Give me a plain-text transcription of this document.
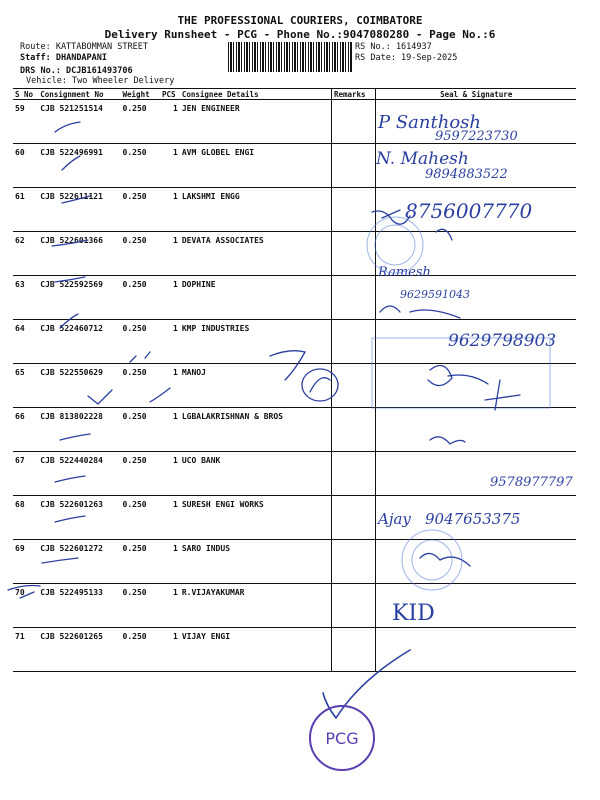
THE PROFESSIONAL COURIERS, COIMBATORE
Delivery Runsheet - PCG - Phone No.:9047080280 - Page No.:6
Route: KATTABOMMAN STREET
Staff: DHANDAPANI
DRS No.: DCJB161493706
Vehicle: Two Wheeler Delivery
RS No.: 1614937
RS Date: 19-Sep-2025
S No	Consignment No	Weight	PCS	Consignee Details	Remarks	Seal & Signature
59	CJB 521251514	0.250	1	JEN ENGINEER		
60	CJB 522496991	0.250	1	AVM GLOBEL ENGI		
61	CJB 522611121	0.250	1	LAKSHMI ENGG		
62	CJB 522601366	0.250	1	DEVATA ASSOCIATES		
63	CJB 522592569	0.250	1	DOPHINE		
64	CJB 522460712	0.250	1	KMP INDUSTRIES		
65	CJB 522550629	0.250	1	MANOJ		
66	CJB 813802228	0.250	1	LGBALAKRISHNAN & BROS		
67	CJB 522440284	0.250	1	UCO BANK		
68	CJB 522601263	0.250	1	SURESH ENGI WORKS		
69	CJB 522601272	0.250	1	SARO INDUS		
70	CJB 522495133	0.250	1	R.VIJAYAKUMAR		
71	CJB 522601265	0.250	1	VIJAY ENGI		
P Santhosh
9597223730
N. Mahesh
9894883522
8756007770
Ramesh
9629591043
9629798903
9578977797
Ajay 9047653375
KID
PCG
